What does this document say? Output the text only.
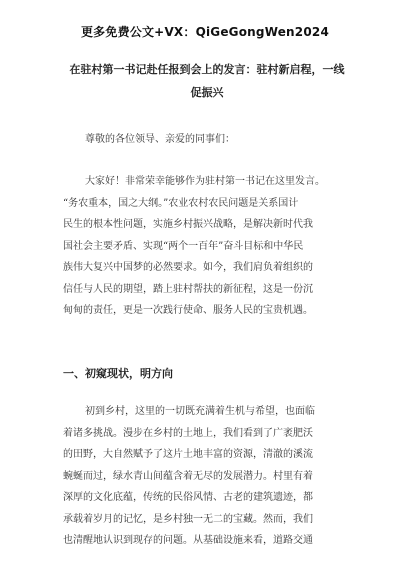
更多免费公文+VX：QiGeGongWen2024
在驻村第一书记赴任报到会上的发言：驻村新启程，一线
促振兴
尊敬的各位领导、亲爱的同事们：
大家好！非常荣幸能够作为驻村第一书记在这里发言。
“务农重本，国之大纲。”农业农村农民问题是关系国计
民生的根本性问题，实施乡村振兴战略，是解决新时代我
国社会主要矛盾、实现“两个一百年”奋斗目标和中华民
族伟大复兴中国梦的必然要求。如今，我们肩负着组织的
信任与人民的期望，踏上驻村帮扶的新征程，这是一份沉
甸甸的责任，更是一次践行使命、服务人民的宝贵机遇。
一、初窥现状，明方向
初到乡村，这里的一切既充满着生机与希望，也面临
着诸多挑战。漫步在乡村的土地上，我们看到了广袤肥沃
的田野，大自然赋予了这片土地丰富的资源，清澈的溪流
蜿蜒而过，绿水青山间蕴含着无尽的发展潜力。村里有着
深厚的文化底蕴，传统的民俗风情、古老的建筑遗迹，都
承载着岁月的记忆，是乡村独一无二的宝藏。然而，我们
也清醒地认识到现存的问题。从基础设施来看，道路交通
